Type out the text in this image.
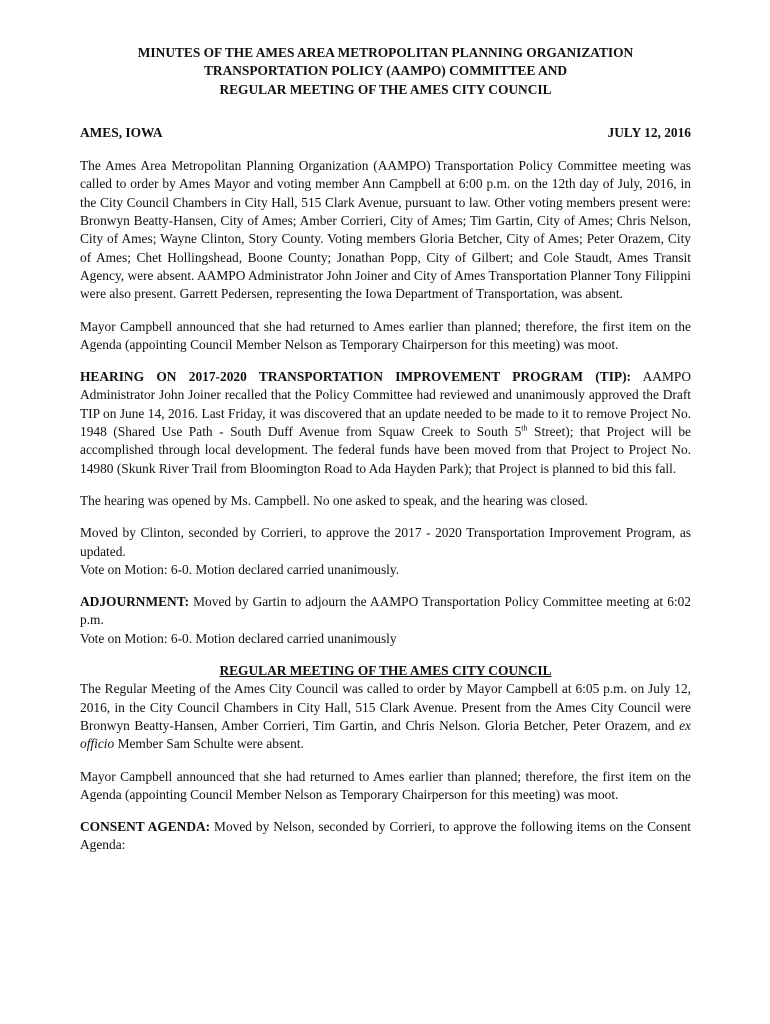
MINUTES OF THE AMES AREA METROPOLITAN PLANNING ORGANIZATION
TRANSPORTATION POLICY (AAMPO) COMMITTEE AND
REGULAR MEETING OF THE AMES CITY COUNCIL
AMES, IOWA	JULY 12, 2016

The Ames Area Metropolitan Planning Organization (AAMPO) Transportation Policy Committee meeting was called to order by Ames Mayor and voting member Ann Campbell at 6:00 p.m. on the 12th day of July, 2016, in the City Council Chambers in City Hall, 515 Clark Avenue, pursuant to law. Other voting members present were: Bronwyn Beatty-Hansen, City of Ames; Amber Corrieri, City of Ames; Tim Gartin, City of Ames; Chris Nelson, City of Ames; Wayne Clinton, Story County. Voting members Gloria Betcher, City of Ames; Peter Orazem, City of Ames; Chet Hollingshead, Boone County; Jonathan Popp, City of Gilbert; and Cole Staudt, Ames Transit Agency, were absent. AAMPO Administrator John Joiner and City of Ames Transportation Planner Tony Filippini were also present. Garrett Pedersen, representing the Iowa Department of Transportation, was absent.

Mayor Campbell announced that she had returned to Ames earlier than planned; therefore, the first item on the Agenda (appointing Council Member Nelson as Temporary Chairperson for this meeting) was moot.

HEARING ON 2017-2020 TRANSPORTATION IMPROVEMENT PROGRAM (TIP): AAMPO Administrator John Joiner recalled that the Policy Committee had reviewed and unanimously approved the Draft TIP on June 14, 2016. Last Friday, it was discovered that an update needed to be made to it to remove Project No. 1948 (Shared Use Path - South Duff Avenue from Squaw Creek to South 5th Street); that Project will be accomplished through local development. The federal funds have been moved from that Project to Project No. 14980 (Skunk River Trail from Bloomington Road to Ada Hayden Park); that Project is planned to bid this fall.

The hearing was opened by Ms. Campbell. No one asked to speak, and the hearing was closed.

Moved by Clinton, seconded by Corrieri, to approve the 2017 - 2020 Transportation Improvement Program, as updated.

Vote on Motion: 6-0. Motion declared carried unanimously.

ADJOURNMENT: Moved by Gartin to adjourn the AAMPO Transportation Policy Committee meeting at 6:02 p.m.

Vote on Motion: 6-0. Motion declared carried unanimously

REGULAR MEETING OF THE AMES CITY COUNCIL

The Regular Meeting of the Ames City Council was called to order by Mayor Campbell at 6:05 p.m. on July 12, 2016, in the City Council Chambers in City Hall, 515 Clark Avenue. Present from the Ames City Council were Bronwyn Beatty-Hansen, Amber Corrieri, Tim Gartin, and Chris Nelson. Gloria Betcher, Peter Orazem, and ex officio Member Sam Schulte were absent.

Mayor Campbell announced that she had returned to Ames earlier than planned; therefore, the first item on the Agenda (appointing Council Member Nelson as Temporary Chairperson for this meeting) was moot.

CONSENT AGENDA: Moved by Nelson, seconded by Corrieri, to approve the following items on the Consent Agenda:
